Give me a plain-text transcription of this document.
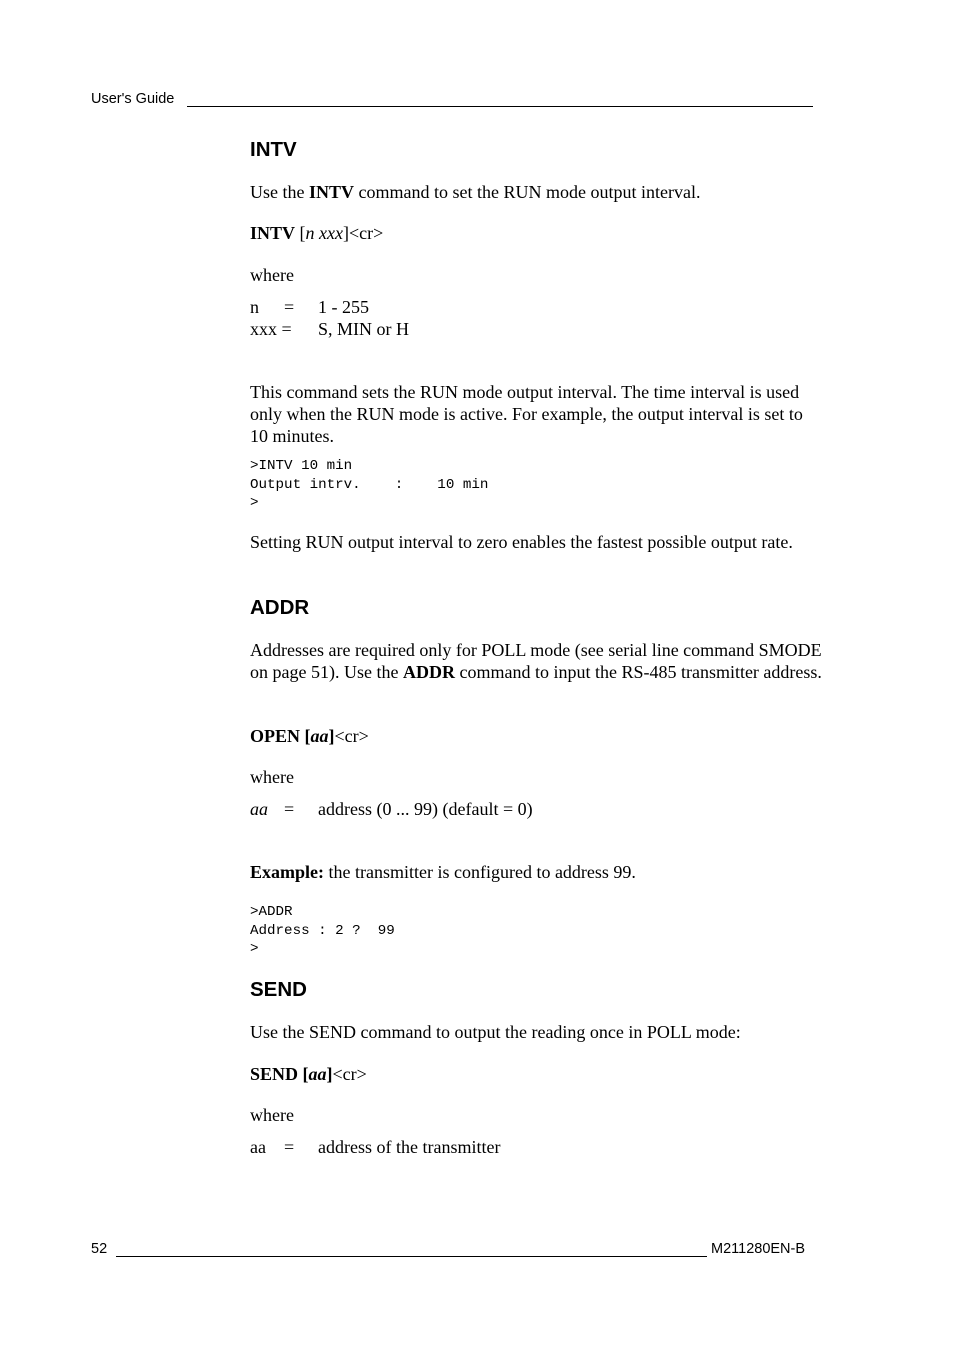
User's Guide
INTV

Use the INTV command to set the RUN mode output interval.

INTV [n xxx]<cr>

where

n = 1 - 255
xxx = S, MIN or H

This command sets the RUN mode output interval. The time interval is used only when the RUN mode is active. For example, the output interval is set to 10 minutes.

>INTV 10 min
Output intrv.    :    10 min
>

Setting RUN output interval to zero enables the fastest possible output rate.

ADDR

Addresses are required only for POLL mode (see serial line command SMODE on page 51). Use the ADDR command to input the RS-485 transmitter address.

OPEN [aa]<cr>

where

aa = address (0 ... 99) (default = 0)

Example: the transmitter is configured to address 99.

>ADDR
Address : 2 ?  99
>
SEND

Use the SEND command to output the reading once in POLL mode:

SEND [aa]<cr>

where

aa = address of the transmitter
52	M211280EN-B
